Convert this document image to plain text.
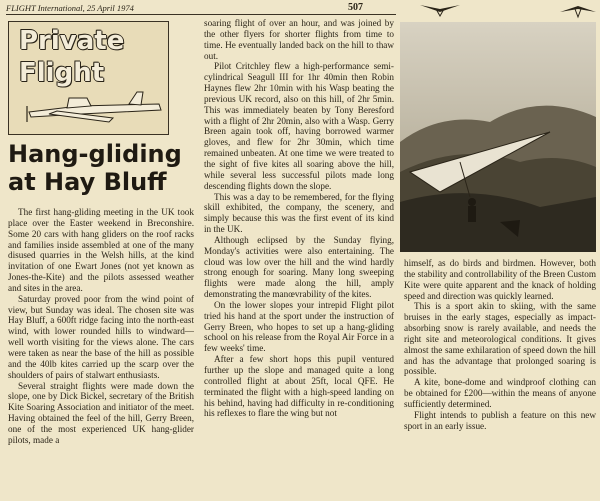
FLIGHT International, 25 April 1974	507
Private
Flight
Hang-gliding
at Hay Bluff

The first hang-gliding meeting in the UK took place over the Easter weekend in Breconshire. Some 20 cars with hang gliders on the roof racks and families inside assembled at one of the many disused quarries in the Welsh hills, at the kind invitation of one Ewart Jones (not yet known as Jones-the-Kite) and the pilots assessed weather and sites in the area.

Saturday proved poor from the wind point of view, but Sunday was ideal. The chosen site was Hay Bluff, a 600ft ridge facing into the north-east wind, with lower rounded hills to windward—well worth visiting for the views alone. The cars were taken as near the base of the hill as possible and the 40lb kites carried up the scarp over the shoulders of pairs of stalwart enthusiasts.

Several straight flights were made down the slope, one by Dick Bickel, secretary of the British Kite Soaring Association and initiator of the meet. Having obtained the feel of the hill, Gerry Breen, one of the most experienced UK hang-glider pilots, made a

soaring flight of over an hour, and was joined by the other flyers for shorter flights from time to time. He eventually landed back on the hill to thaw out.

Pilot Critchley flew a high-performance semi-cylindrical Seagull III for 1hr 40min then Robin Haynes flew 2hr 10min with his Wasp beating the previous UK record, also on this hill, of 2hr 5min. This was immediately beaten by Tony Beresford with a flight of 2hr 20min, also with a Wasp. Gerry Breen again took off, having borrowed warmer gloves, and flew for 2hr 30min, which time remained unbeaten. At one time we were treated to the sight of five kites all soaring above the hill, while several less successful pilots made long descending flights down the slope.

This was a day to be remembered, for the flying skill exhibited, the company, the scenery, and simply because this was the first event of its kind in the UK.

Although eclipsed by the Sunday flying, Monday's activities were also entertaining. The cloud was low over the hill and the wind hardly strong enough for soaring. Many long sweeping flights were made along the hill, amply demonstrating the manœvrability of the kites.

On the lower slopes your intrepid Flight pilot tried his hand at the sport under the instruction of Gerry Breen, who hopes to set up a hang-gliding school on his release from the Royal Air Force in a few weeks' time.

After a few short hops this pupil ventured further up the slope and managed quite a long controlled flight at about 25ft, local QFE. He terminated the flight with a high-speed landing on his behind, having had difficulty in re-conditioning his reflexes to flare the wing but not

himself, as do birds and birdmen. However, both the stability and controllability of the Breen Custom Kite were quite apparent and the knack of holding speed and direction was quickly learned.

This is a sport akin to skiing, with the same bruises in the early stages, especially as impact-absorbing snow is rarely available, and needs the right site and meteorological conditions. It gives almost the same exhilaration of speed down the hill and has the advantage that prolonged soaring is possible.

A kite, bone-dome and windproof clothing can be obtained for £200—within the means of anyone sufficiently determined.

Flight intends to publish a feature on this new sport in an early issue.
